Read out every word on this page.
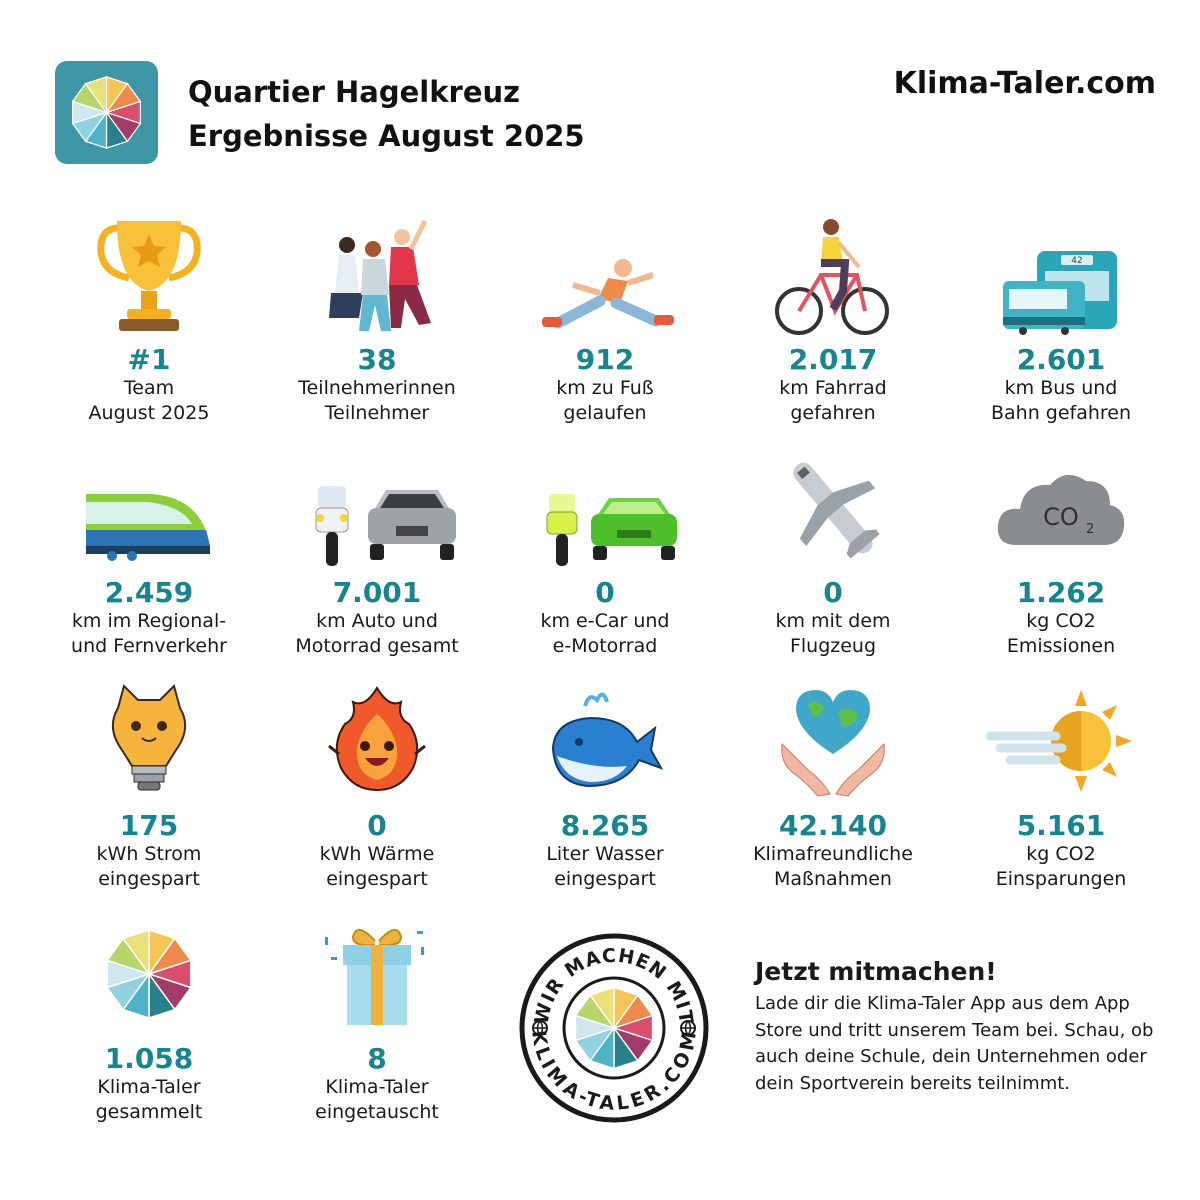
Quartier Hagelkreuz
Ergebnisse August 2025
Klima-Taler.com
#1
Team
August 2025
38
Teilnehmerinnen
Teilnehmer
912
km zu Fuß
gelaufen
2.017
km Fahrrad
gefahren
42
2.601
km Bus und
Bahn gefahren
2.459
km im Regional-
und Fernverkehr
7.001
km Auto und
Motorrad gesamt
0
km e-Car und
e-Motorrad
0
km mit dem
Flugzeug
CO 2
1.262
kg CO2
Emissionen
175
kWh Strom
eingespart
0
kWh Wärme
eingespart
8.265
Liter Wasser
eingespart
42.140
Klimafreundliche
Maßnahmen
5.161
kg CO2
Einsparungen
1.058
Klima-Taler
gesammelt
8
Klima-Taler
eingetauscht
WIR MACHEN MIT
KLIMA-TALER.COM
Jetzt mitmachen!
Lade dir die Klima-Taler App aus dem App Store und tritt unserem Team bei. Schau, ob auch deine Schule, dein Unternehmen oder dein Sportverein bereits teilnimmt.
